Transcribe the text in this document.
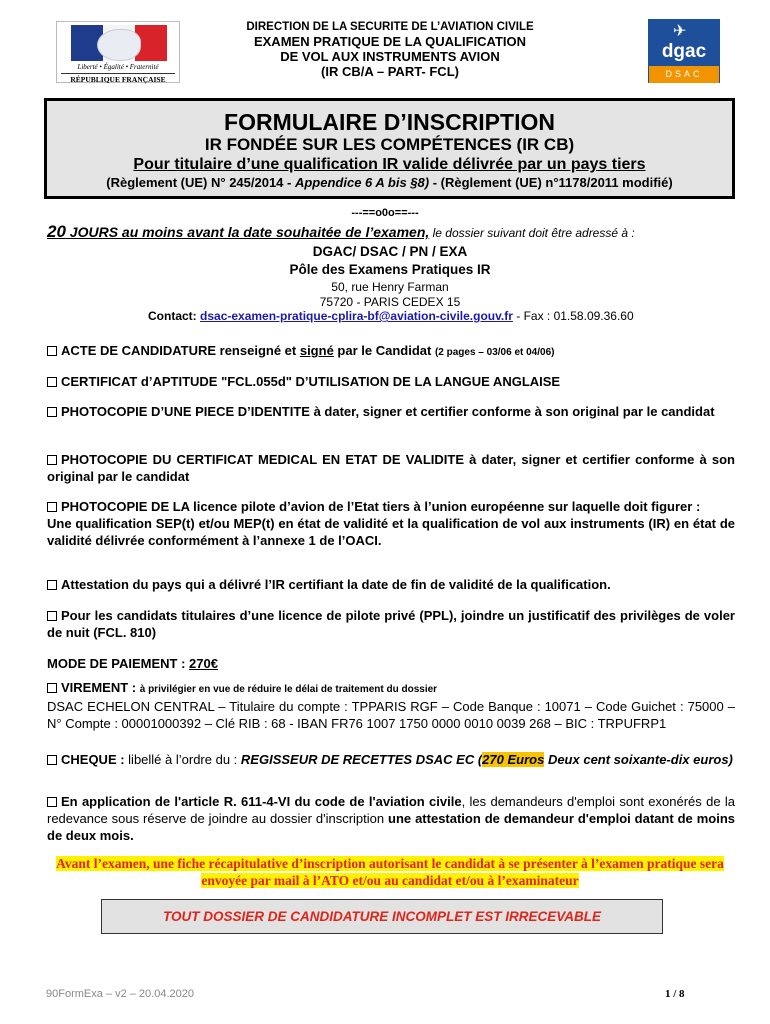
Liberté • Égalité • Fraternité
RÉPUBLIQUE FRANÇAISE
DIRECTION DE LA SECURITE DE L’AVIATION CIVILE
EXAMEN PRATIQUE DE LA QUALIFICATION
DE VOL AUX INSTRUMENTS AVION
(IR CB/A – PART- FCL)
✈
dgac
DSAC
FORMULAIRE D’INSCRIPTION
IR FONDÉE SUR LES COMPÉTENCES (IR CB)
Pour titulaire d’une qualification IR valide délivrée par un pays tiers
(Règlement (UE) N° 245/2014 - Appendice 6 A bis §8) - (Règlement (UE) n°1178/2011 modifié)
---==o0o==---
20 JOURS au moins avant la date souhaitée de l’examen, le dossier suivant doit être adressé à :
DGAC/ DSAC / PN / EXA
Pôle des Examens Pratiques IR
50, rue Henry Farman
75720 - PARIS CEDEX 15
Contact: dsac-examen-pratique-cplira-bf@aviation-civile.gouv.fr - Fax : 01.58.09.36.60
ACTE DE CANDIDATURE renseigné et signé par le Candidat (2 pages – 03/06 et 04/06)
CERTIFICAT d’APTITUDE "FCL.055d" D’UTILISATION DE LA LANGUE ANGLAISE
PHOTOCOPIE D’UNE PIECE D’IDENTITE à dater, signer et certifier conforme à son original par le candidat
PHOTOCOPIE DU CERTIFICAT MEDICAL EN ETAT DE VALIDITE à dater, signer et certifier conforme à son original par le candidat
PHOTOCOPIE DE LA licence pilote d’avion de l’Etat tiers à l’union européenne sur laquelle doit figurer :
Une qualification SEP(t) et/ou MEP(t) en état de validité et la qualification de vol aux instruments (IR) en état de validité délivrée conformément à l’annexe 1 de l’OACI.
Attestation du pays qui a délivré l’IR certifiant la date de fin de validité de la qualification.
Pour les candidats titulaires d’une licence de pilote privé (PPL), joindre un justificatif des privilèges de voler de nuit (FCL. 810)
MODE DE PAIEMENT : 270€
VIREMENT : à privilégier en vue de réduire le délai de traitement du dossier
DSAC ECHELON CENTRAL – Titulaire du compte : TPPARIS RGF – Code Banque : 10071 – Code Guichet : 75000 – N° Compte : 00001000392 – Clé RIB : 68 - IBAN FR76 1007 1750 0000 0010 0039 268 – BIC : TRPUFRP1
CHEQUE : libellé à l’ordre du : REGISSEUR DE RECETTES DSAC EC (270 Euros Deux cent soixante-dix euros)
En application de l'article R. 611-4-VI du code de l'aviation civile, les demandeurs d'emploi sont exonérés de la redevance sous réserve de joindre au dossier d'inscription une attestation de demandeur d'emploi datant de moins de deux mois.
Avant l’examen, une fiche récapitulative d’inscription autorisant le candidat à se présenter à l’examen pratique sera envoyée par mail à l’ATO et/ou au candidat et/ou à l’examinateur
TOUT DOSSIER DE CANDIDATURE INCOMPLET EST IRRECEVABLE
90FormExa – v2 – 20.04.2020	1 / 8
